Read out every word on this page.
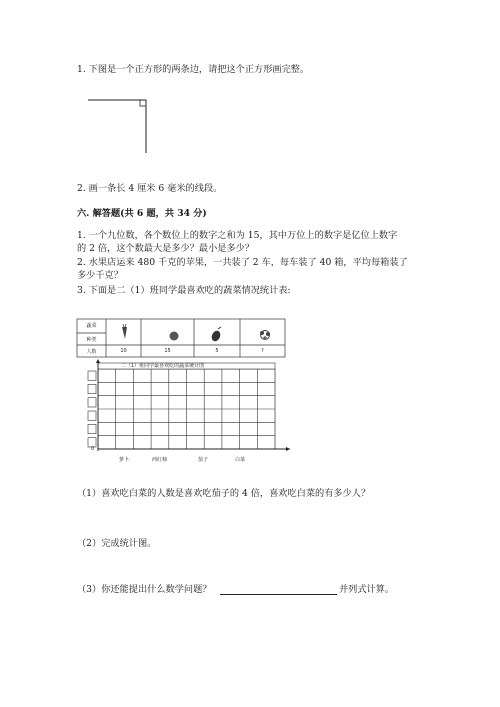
1. 下图是一个正方形的两条边，请把这个正方形画完整。
2. 画一条长 4 厘米 6 毫米的线段。
六. 解答题(共 6 题，共 34 分)
1. 一个九位数，各个数位上的数字之和为 15，其中万位上的数字是亿位上数字
的 2 倍，这个数最大是多少？最小是多少？
2. 水果店运来 480 千克的苹果，一共装了 2 车，每车装了 40 箱，平均每箱装了
多少千克？
3. 下面是二（1）班同学最喜欢吃的蔬菜情况统计表:
蔬菜
种类
人数	10	15	5	?
二（1）班同学最喜欢吃的蔬菜统计图
0
萝卜	西红柿	茄子	白菜
（1）喜欢吃白菜的人数是喜欢吃茄子的 4 倍，喜欢吃白菜的有多少人？
（2）完成统计图。
（3）你还能提出什么数学问题？	并列式计算。
